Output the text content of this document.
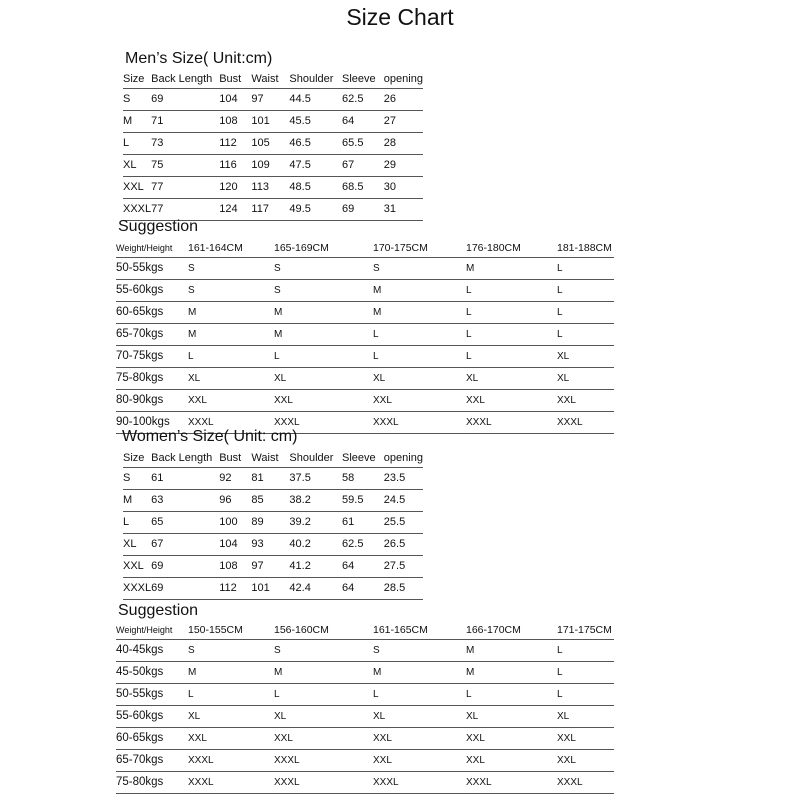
Size Chart
Men’s Size( Unit:cm)
Size	Back Length	Bust	Waist	Shoulder	Sleeve	opening
S	69	104	97	44.5	62.5	26
M	71	108	101	45.5	64	27
L	73	112	105	46.5	65.5	28
XL	75	116	109	47.5	67	29
XXL	77	120	113	48.5	68.5	30
XXXL	77	124	117	49.5	69	31
Suggestion
Weight/Height	161-164CM	165-169CM	170-175CM	176-180CM	181-188CM
50-55kgs	S	S	S	M	L
55-60kgs	S	S	M	L	L
60-65kgs	M	M	M	L	L
65-70kgs	M	M	L	L	L
70-75kgs	L	L	L	L	XL
75-80kgs	XL	XL	XL	XL	XL
80-90kgs	XXL	XXL	XXL	XXL	XXL
90-100kgs	XXXL	XXXL	XXXL	XXXL	XXXL
Women’s Size( Unit: cm)
Size	Back Length	Bust	Waist	Shoulder	Sleeve	opening
S	61	92	81	37.5	58	23.5
M	63	96	85	38.2	59.5	24.5
L	65	100	89	39.2	61	25.5
XL	67	104	93	40.2	62.5	26.5
XXL	69	108	97	41.2	64	27.5
XXXL	69	112	101	42.4	64	28.5
Suggestion
Weight/Height	150-155CM	156-160CM	161-165CM	166-170CM	171-175CM
40-45kgs	S	S	S	M	L
45-50kgs	M	M	M	M	L
50-55kgs	L	L	L	L	L
55-60kgs	XL	XL	XL	XL	XL
60-65kgs	XXL	XXL	XXL	XXL	XXL
65-70kgs	XXXL	XXXL	XXL	XXL	XXL
75-80kgs	XXXL	XXXL	XXXL	XXXL	XXXL
